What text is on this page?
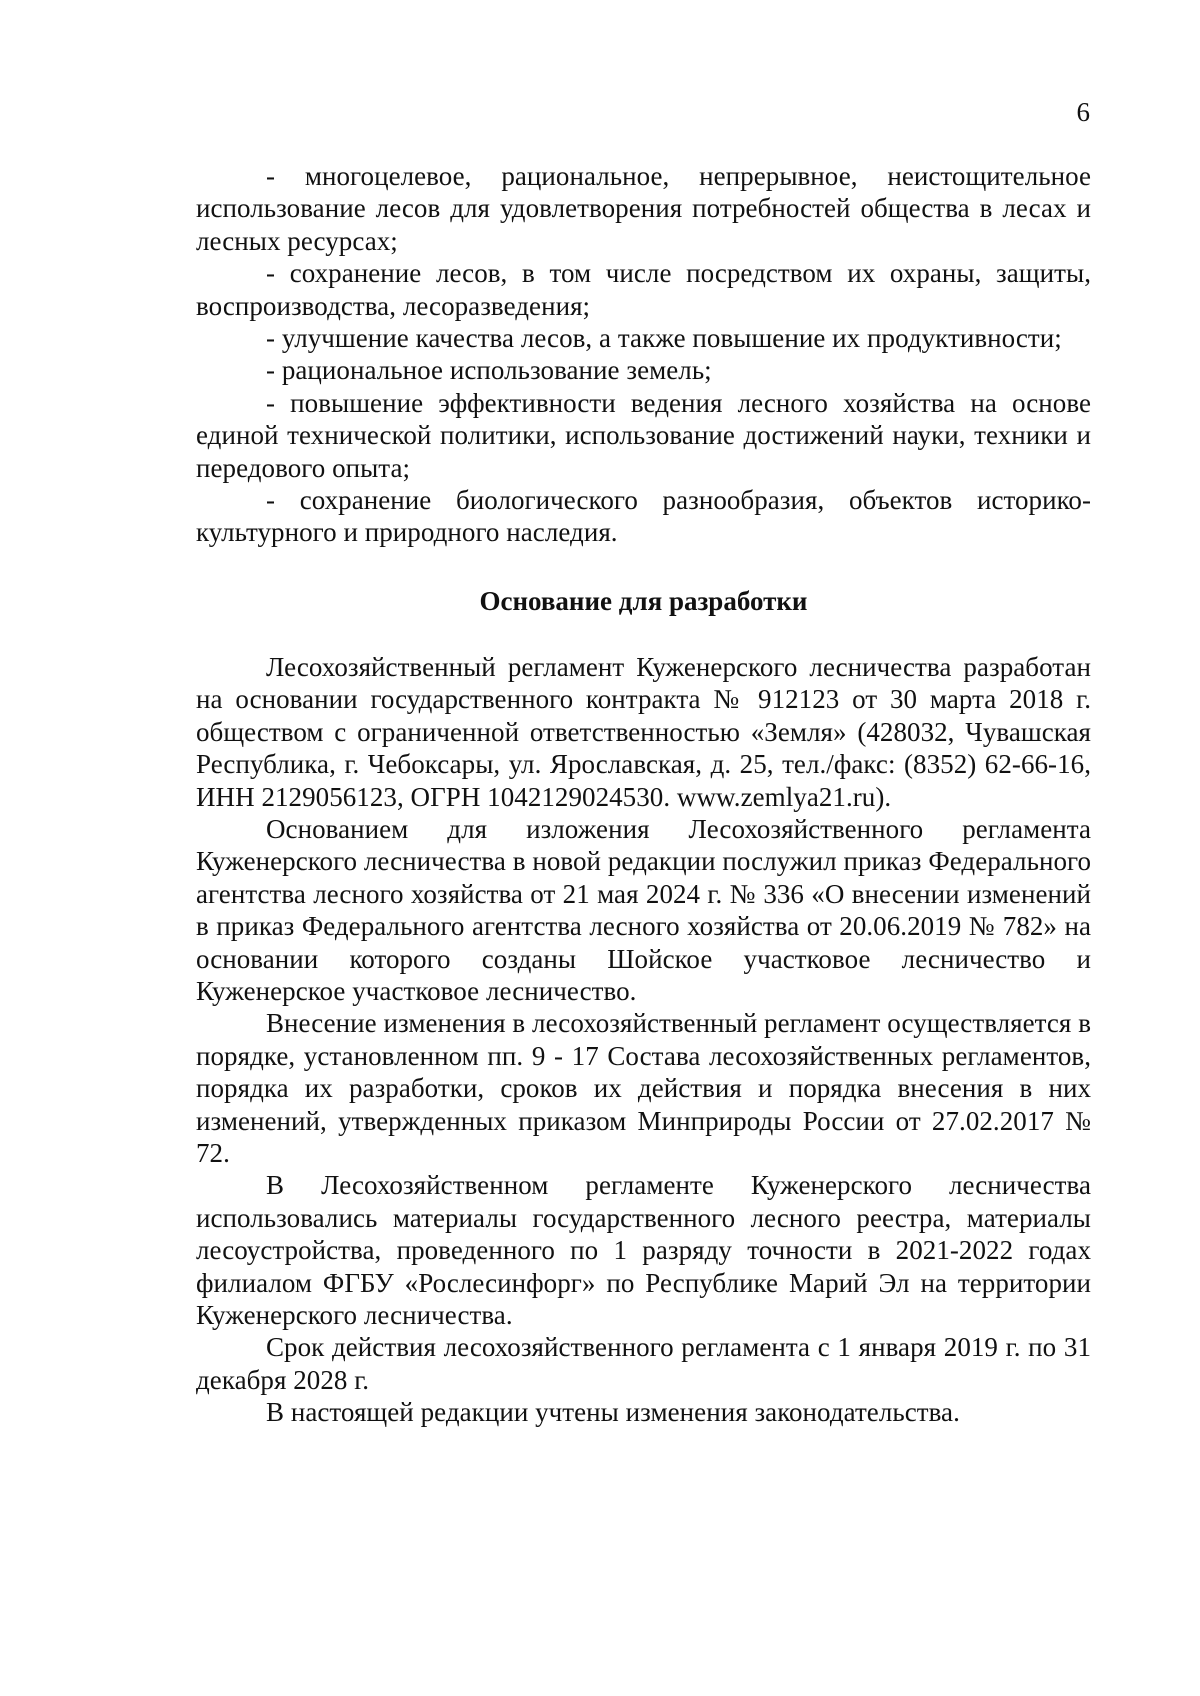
6

- многоцелевое, рациональное, непрерывное, неистощительное использование лесов для удовлетворения потребностей общества в лесах и лесных ресурсах;

- сохранение лесов, в том числе посредством их охраны, защиты, воспроизводства, лесоразведения;

- улучшение качества лесов, а также повышение их продуктивности;

- рациональное использование земель;

- повышение эффективности ведения лесного хозяйства на основе единой технической политики, использование достижений науки, техники и передового опыта;

- сохранение биологического разнообразия, объектов историко-культурного и природного наследия.

Основание для разработки

Лесохозяйственный регламент Куженерского лесничества разработан на основании государственного контракта № 912123 от 30 марта 2018 г. обществом с ограниченной ответственностью «Земля» (428032, Чувашская Республика, г. Чебоксары, ул. Ярославская, д. 25, тел./факс: (8352) 62-66-16, ИНН 2129056123, ОГРН 1042129024530. www.zemlya21.ru).

Основанием для изложения Лесохозяйственного регламента Куженерского лесничества в новой редакции послужил приказ Федерального агентства лесного хозяйства от 21 мая 2024 г. № 336 «О внесении изменений в приказ Федерального агентства лесного хозяйства от 20.06.2019 № 782» на основании которого созданы Шойское участковое лесничество и Куженерское участковое лесничество.

Внесение изменения в лесохозяйственный регламент осуществляется в порядке, установленном пп. 9 - 17 Состава лесохозяйственных регламентов, порядка их разработки, сроков их действия и порядка внесения в них изменений, утвержденных приказом Минприроды России от 27.02.2017 № 72.

В Лесохозяйственном регламенте Куженерского лесничества использовались материалы государственного лесного реестра, материалы лесоустройства, проведенного по 1 разряду точности в 2021-2022 годах филиалом ФГБУ «Рослесинфорг» по Республике Марий Эл на территории Куженерского лесничества.

Срок действия лесохозяйственного регламента с 1 января 2019 г. по 31 декабря 2028 г.

В настоящей редакции учтены изменения законодательства.
